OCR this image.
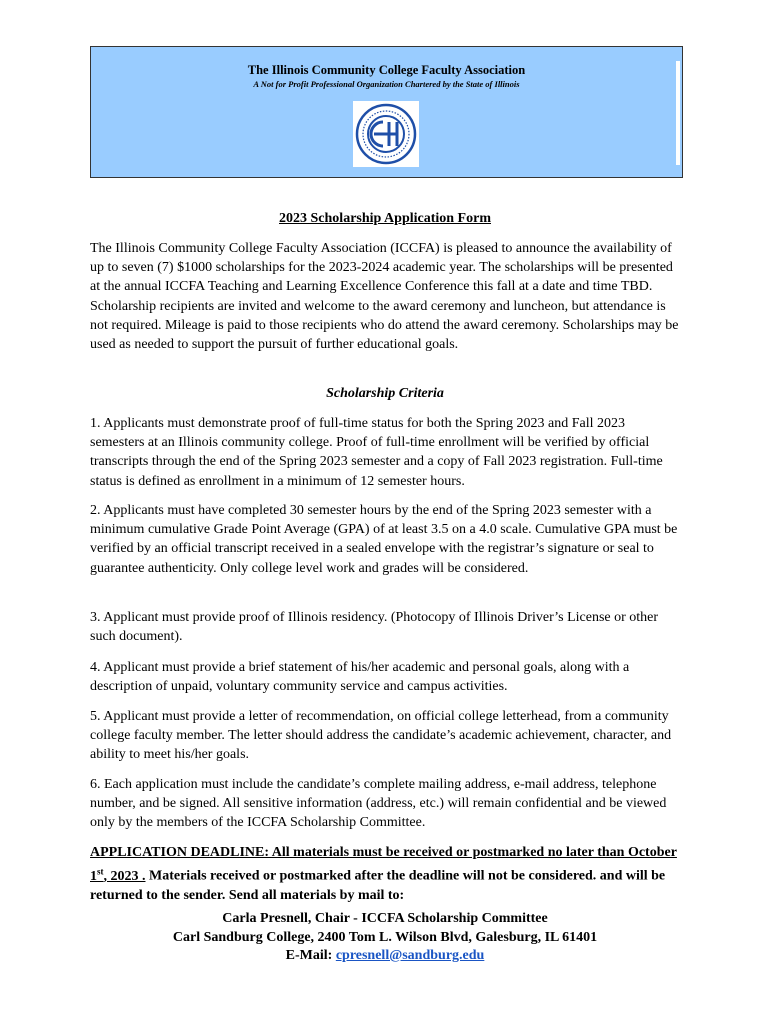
The Illinois Community College Faculty Association
A Not for Profit Professional Organization Chartered by the State of Illinois
2023 Scholarship Application Form

The Illinois Community College Faculty Association (ICCFA) is pleased to announce the availability of up to seven (7) $1000 scholarships for the 2023-2024 academic year. The scholarships will be presented at the annual ICCFA Teaching and Learning Excellence Conference this fall at a date and time TBD. Scholarship recipients are invited and welcome to the award ceremony and luncheon, but attendance is not required. Mileage is paid to those recipients who do attend the award ceremony. Scholarships may be used as needed to support the pursuit of further educational goals.

Scholarship Criteria

1. Applicants must demonstrate proof of full-time status for both the Spring 2023 and Fall 2023 semesters at an Illinois community college. Proof of full-time enrollment will be verified by official transcripts through the end of the Spring 2023 semester and a copy of Fall 2023 registration. Full-time status is defined as enrollment in a minimum of 12 semester hours.

2. Applicants must have completed 30 semester hours by the end of the Spring 2023 semester with a minimum cumulative Grade Point Average (GPA) of at least 3.5 on a 4.0 scale. Cumulative GPA must be verified by an official transcript received in a sealed envelope with the registrar’s signature or seal to guarantee authenticity. Only college level work and grades will be considered.

3. Applicant must provide proof of Illinois residency. (Photocopy of Illinois Driver’s License or other such document).

4. Applicant must provide a brief statement of his/her academic and personal goals, along with a description of unpaid, voluntary community service and campus activities.

5. Applicant must provide a letter of recommendation, on official college letterhead, from a community college faculty member. The letter should address the candidate’s academic achievement, character, and ability to meet his/her goals.

6. Each application must include the candidate’s complete mailing address, e-mail address, telephone number, and be signed. All sensitive information (address, etc.) will remain confidential and be viewed only by the members of the ICCFA Scholarship Committee.

APPLICATION DEADLINE: All materials must be received or postmarked no later than October 1st, 2023 . Materials received or postmarked after the deadline will not be considered. and will be returned to the sender. Send all materials by mail to:

Carla Presnell, Chair - ICCFA Scholarship Committee
Carl Sandburg College, 2400 Tom L. Wilson Blvd, Galesburg, IL 61401
E-Mail: cpresnell@sandburg.edu
